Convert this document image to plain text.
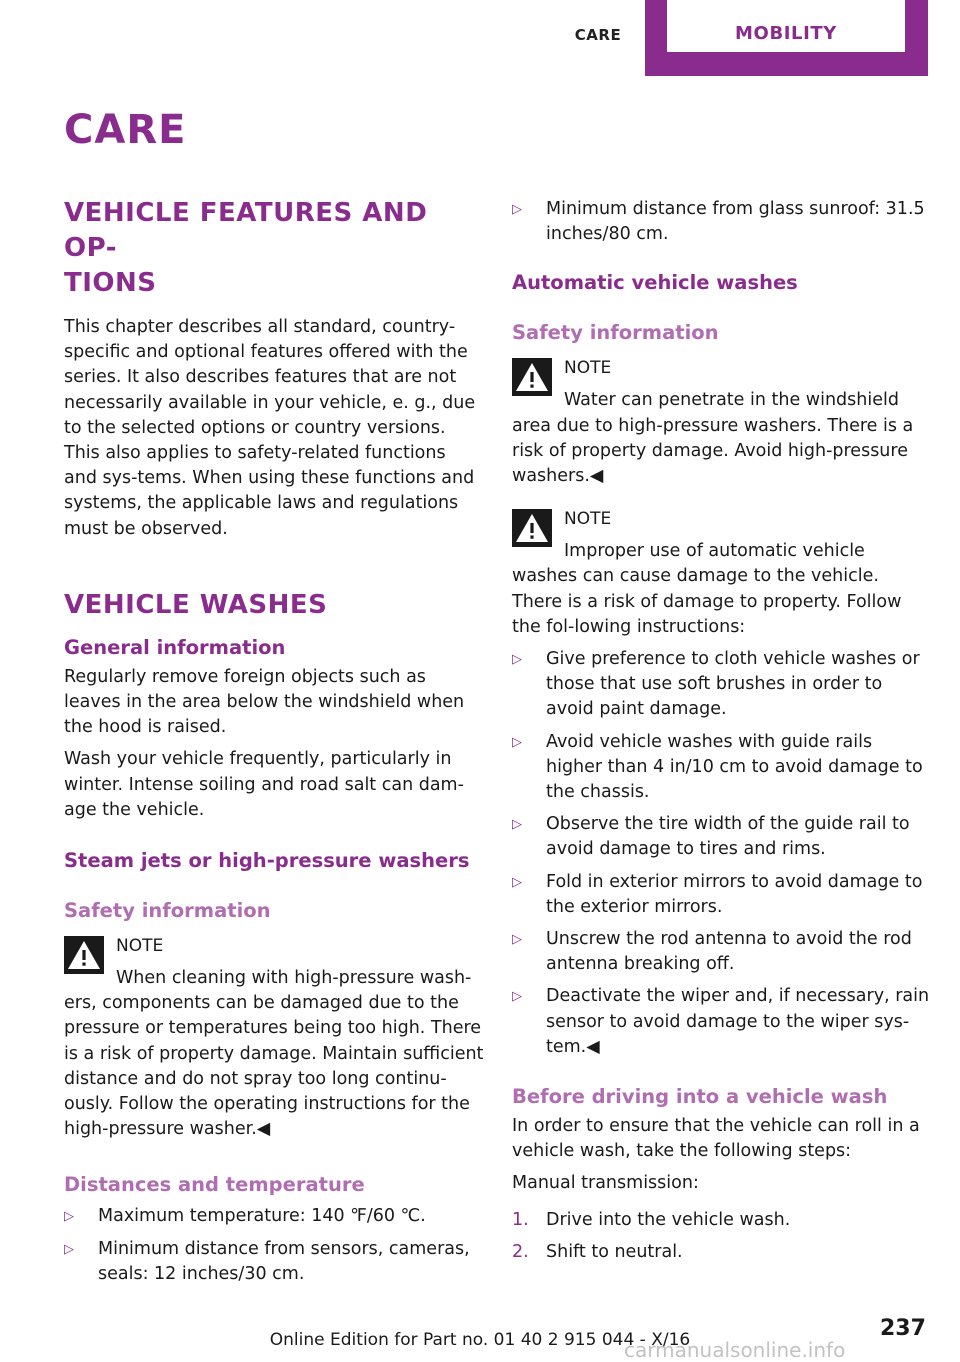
CARE	MOBILITY
CARE
VEHICLE FEATURES AND OP-
TIONS

This chapter describes all standard, country-specific and optional features offered with the series. It also describes features that are not necessarily available in your vehicle, e. g., due to the selected options or country versions. This also applies to safety-related functions and sys-tems. When using these functions and systems, the applicable laws and regulations must be observed.

VEHICLE WASHES
General information

Regularly remove foreign objects such as leaves in the area below the windshield when the hood is raised.

Wash your vehicle frequently, particularly in winter. Intense soiling and road salt can dam-age the vehicle.

Steam jets or high-pressure washers
Safety information
NOTE
When cleaning with high-pressure wash-
ers, components can be damaged due to the pressure or temperatures being too high. There is a risk of property damage. Maintain sufficient distance and do not spray too long continu-ously. Follow the operating instructions for the high-pressure washer.◀
Distances and temperature
▷ Maximum temperature: 140 ℉/60 ℃.
▷ Minimum distance from sensors, cameras, seals: 12 inches/30 cm.
▷ Minimum distance from glass sunroof: 31.5 inches/80 cm.
Automatic vehicle washes
Safety information
NOTE
Water can penetrate in the windshield
area due to high-pressure washers. There is a risk of property damage. Avoid high-pressure washers.◀
NOTE
Improper use of automatic vehicle
washes can cause damage to the vehicle. There is a risk of damage to property. Follow the fol-lowing instructions:
▷ Give preference to cloth vehicle washes or those that use soft brushes in order to avoid paint damage.
▷ Avoid vehicle washes with guide rails higher than 4 in/10 cm to avoid damage to the chassis.
▷ Observe the tire width of the guide rail to avoid damage to tires and rims.
▷ Fold in exterior mirrors to avoid damage to the exterior mirrors.
▷ Unscrew the rod antenna to avoid the rod antenna breaking off.
▷ Deactivate the wiper and, if necessary, rain sensor to avoid damage to the wiper sys-tem.◀
Before driving into a vehicle wash

In order to ensure that the vehicle can roll in a vehicle wash, take the following steps:

Manual transmission:

1. Drive into the vehicle wash.
2. Shift to neutral.
237
Online Edition for Part no. 01 40 2 915 044 - X/16
carmanualsonline.info
